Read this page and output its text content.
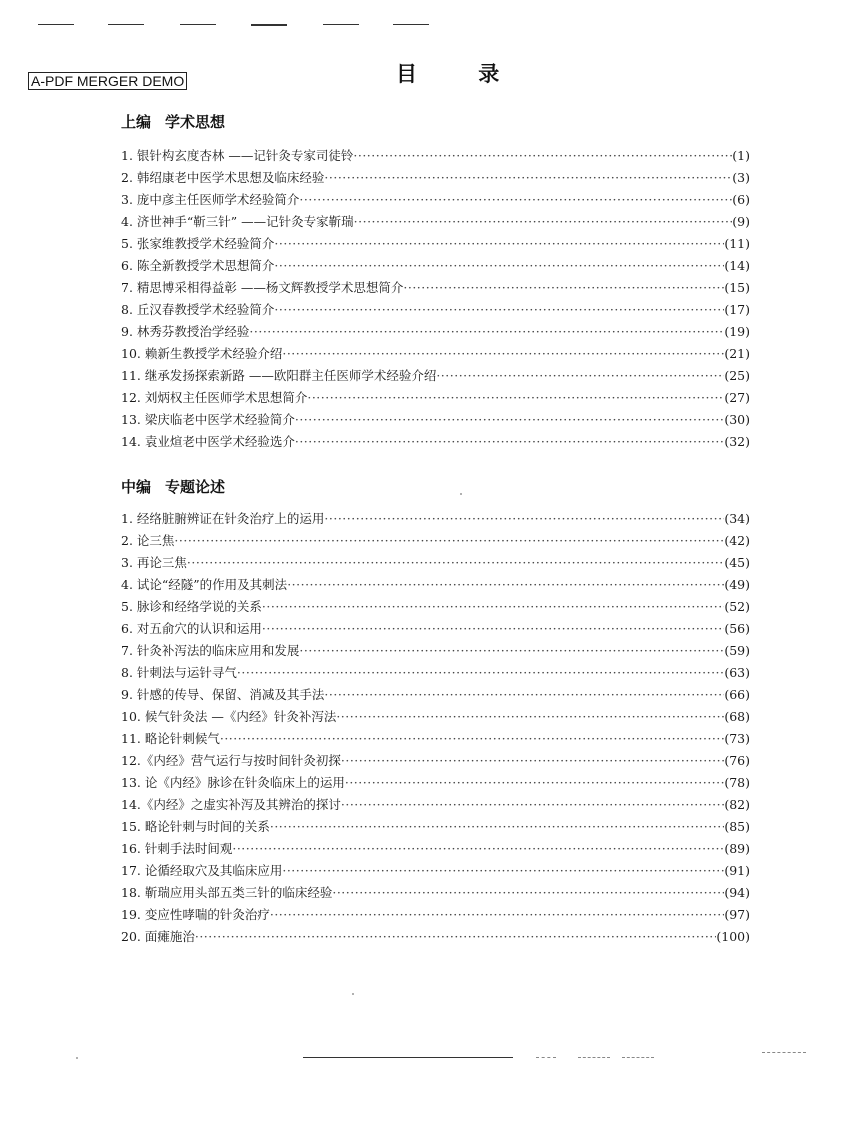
A-PDF MERGER DEMO	目 录
上编 学术思想
1. 银针构玄度杏林 ——记针灸专家司徒铃 ·····	(1)
2. 韩绍康老中医学术思想及临床经验 ·····	(3)
3. 庞中彦主任医师学术经验简介 ·····	(6)
4. 济世神手“靳三针” ——记针灸专家靳瑞 ·····	(9)
5. 张家维教授学术经验简介 ·····	(11)
6. 陈全新教授学术思想简介 ·····	(14)
7. 精思博采相得益彰 ——杨文辉教授学术思想简介 ·····	(15)
8. 丘汉春教授学术经验简介 ·····	(17)
9. 林秀芬教授治学经验 ·····	(19)
10. 赖新生教授学术经验介绍 ·····	(21)
11. 继承发扬探索新路 ——欧阳群主任医师学术经验介绍 ·····	(25)
12. 刘炳权主任医师学术思想简介 ·····	(27)
13. 梁庆临老中医学术经验简介 ·····	(30)
14. 袁业煊老中医学术经验选介 ·····	(32)
中编 专题论述
1. 经络脏腑辨证在针灸治疗上的运用 ·····	(34)
2. 论三焦 ·····	(42)
3. 再论三焦 ·····	(45)
4. 试论“经隧”的作用及其刺法 ·····	(49)
5. 脉诊和经络学说的关系 ·····	(52)
6. 对五俞穴的认识和运用 ·····	(56)
7. 针灸补泻法的临床应用和发展 ·····	(59)
8. 针刺法与运针寻气 ·····	(63)
9. 针感的传导、保留、消减及其手法 ·····	(66)
10. 候气针灸法 —《内经》针灸补泻法 ·····	(68)
11. 略论针刺候气 ·····	(73)
12.《内经》营气运行与按时间针灸初探 ·····	(76)
13. 论《内经》脉诊在针灸临床上的运用 ·····	(78)
14.《内经》之虚实补泻及其辨治的探讨 ·····	(82)
15. 略论针刺与时间的关系 ·····	(85)
16. 针刺手法时间观 ·····	(89)
17. 论循经取穴及其临床应用 ·····	(91)
18. 靳瑞应用头部五类三针的临床经验 ·····	(94)
19. 变应性哮喘的针灸治疗 ·····	(97)
20. 面瘫施治 ·····	(100)
